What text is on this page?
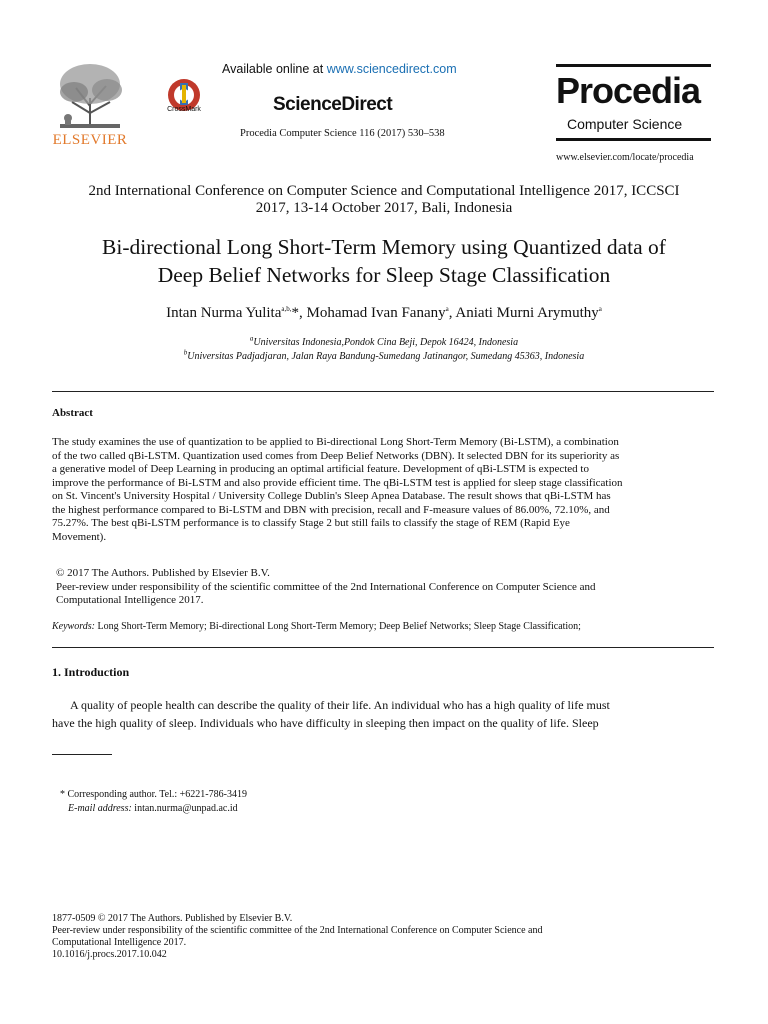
ELSEVIER
CrossMark
Available online at www.sciencedirect.com
ScienceDirect
Procedia Computer Science 116 (2017) 530–538
Procedia
Computer Science
www.elsevier.com/locate/procedia
2nd International Conference on Computer Science and Computational Intelligence 2017, ICCSCI
2017, 13-14 October 2017, Bali, Indonesia
Bi-directional Long Short-Term Memory using Quantized data of
Deep Belief Networks for Sleep Stage Classification
Intan Nurma Yulita$^{a,b,}$*, Mohamad Ivan Fanany$^a$, Aniati Murni Arymuthy$^a$
$^a$Universitas Indonesia,Pondok Cina Beji, Depok 16424, Indonesia
$^b$Universitas Padjadjaran, Jalan Raya Bandung-Sumedang Jatinangor, Sumedang 45363, Indonesia
Abstract
The study examines the use of quantization to be applied to Bi-directional Long Short-Term Memory (Bi-LSTM), a combination
of the two called qBi-LSTM. Quantization used comes from Deep Belief Networks (DBN). It selected DBN for its superiority as
a generative model of Deep Learning in producing an optimal artificial feature. Development of qBi-LSTM is expected to
improve the performance of Bi-LSTM and also provide efficient time. The qBi-LSTM test is applied for sleep stage classification
on St. Vincent's University Hospital / University College Dublin's Sleep Apnea Database. The result shows that qBi-LSTM has
the highest performance compared to Bi-LSTM and DBN with precision, recall and F-measure values of 86.00%, 72.10%, and
75.27%. The best qBi-LSTM performance is to classify Stage 2 but still fails to classify the stage of REM (Rapid Eye
Movement).
© 2017 The Authors. Published by Elsevier B.V.
Peer-review under responsibility of the scientific committee of the 2nd International Conference on Computer Science and
Computational Intelligence 2017.
Keywords: Long Short-Term Memory; Bi-directional Long Short-Term Memory; Deep Belief Networks; Sleep Stage Classification;
1. Introduction
A quality of people health can describe the quality of their life. An individual who has a high quality of life must
have the high quality of sleep. Individuals who have difficulty in sleeping then impact on the quality of life. Sleep
* Corresponding author. Tel.: +6221-786-3419
E-mail address: intan.nurma@unpad.ac.id
1877-0509 © 2017 The Authors. Published by Elsevier B.V.
Peer-review under responsibility of the scientific committee of the 2nd International Conference on Computer Science and
Computational Intelligence 2017.
10.1016/j.procs.2017.10.042
